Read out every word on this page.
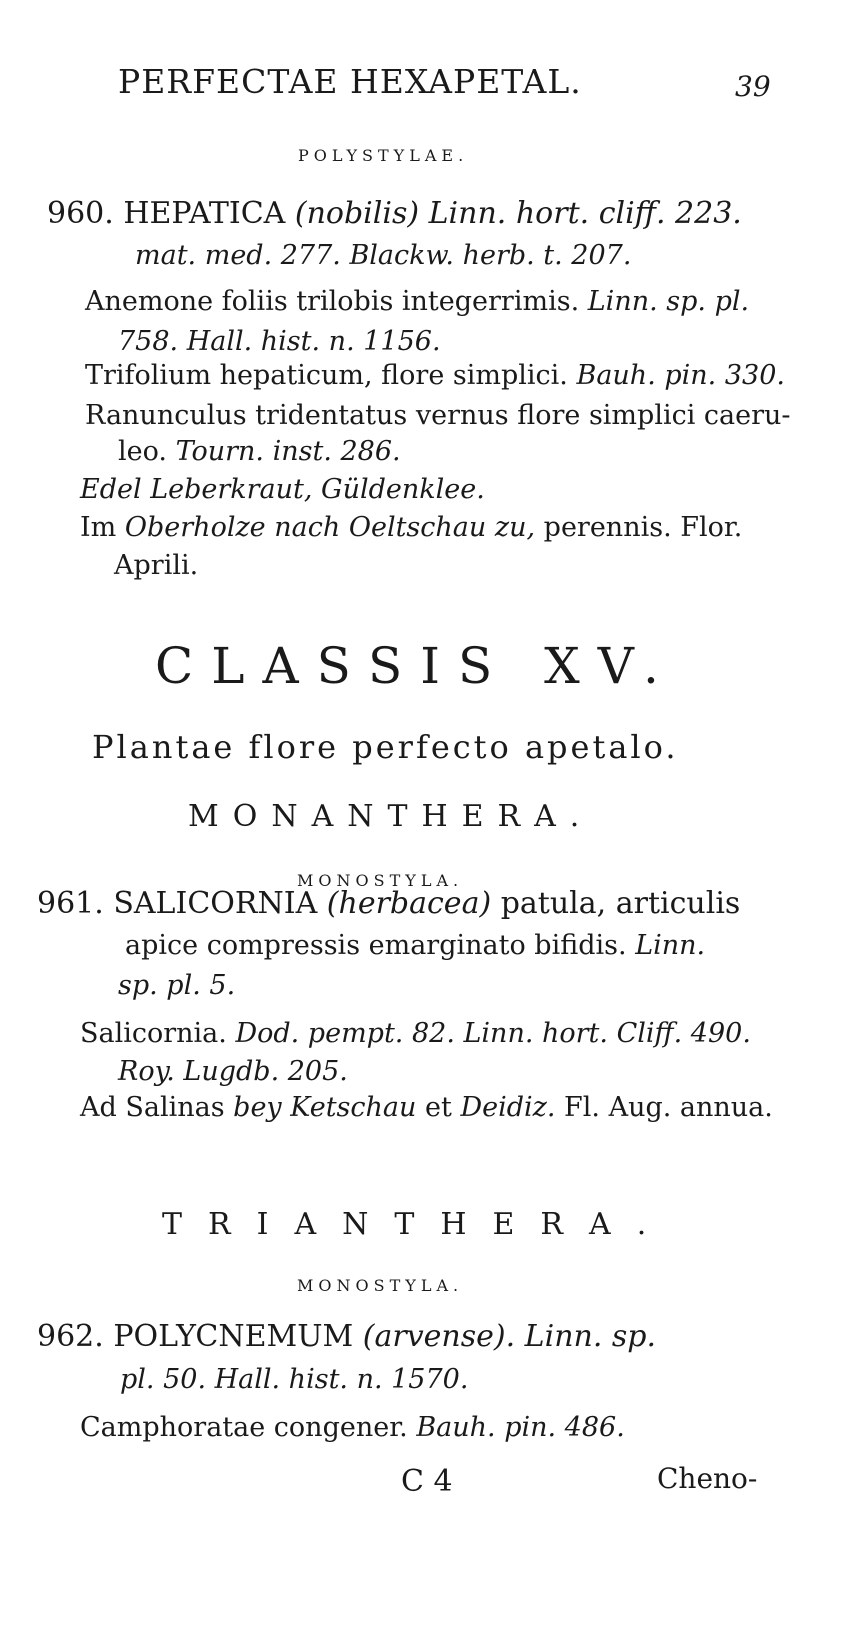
PERFECTAE HEXAPETAL.	39
POLYSTYLAE.
960. HEPATICA (nobilis) Linn. hort. cliff. 223.
mat. med. 277. Blackw. herb. t. 207.
Anemone foliis trilobis integerrimis. Linn. sp. pl.
758. Hall. hist. n. 1156.
Trifolium hepaticum, flore simplici. Bauh. pin. 330.
Ranunculus tridentatus vernus flore simplici caeru-
leo. Tourn. inst. 286.
Edel Leberkraut, Güldenklee.
Im Oberholze nach Oeltschau zu, perennis. Flor.
Aprili.
CLASSIS XV.
Plantae flore perfecto apetalo.
MONANTHERA.
MONOSTYLA.
961. SALICORNIA (herbacea) patula, articulis
apice compressis emarginato bifidis. Linn.
sp. pl. 5.
Salicornia. Dod. pempt. 82. Linn. hort. Cliff. 490.
Roy. Lugdb. 205.
Ad Salinas bey Ketschau et Deidiz. Fl. Aug. annua.
TRIANTHERA.
MONOSTYLA.
962. POLYCNEMUM (arvense). Linn. sp.
pl. 50. Hall. hist. n. 1570.
Camphoratae congener. Bauh. pin. 486.
C 4	Cheno-
